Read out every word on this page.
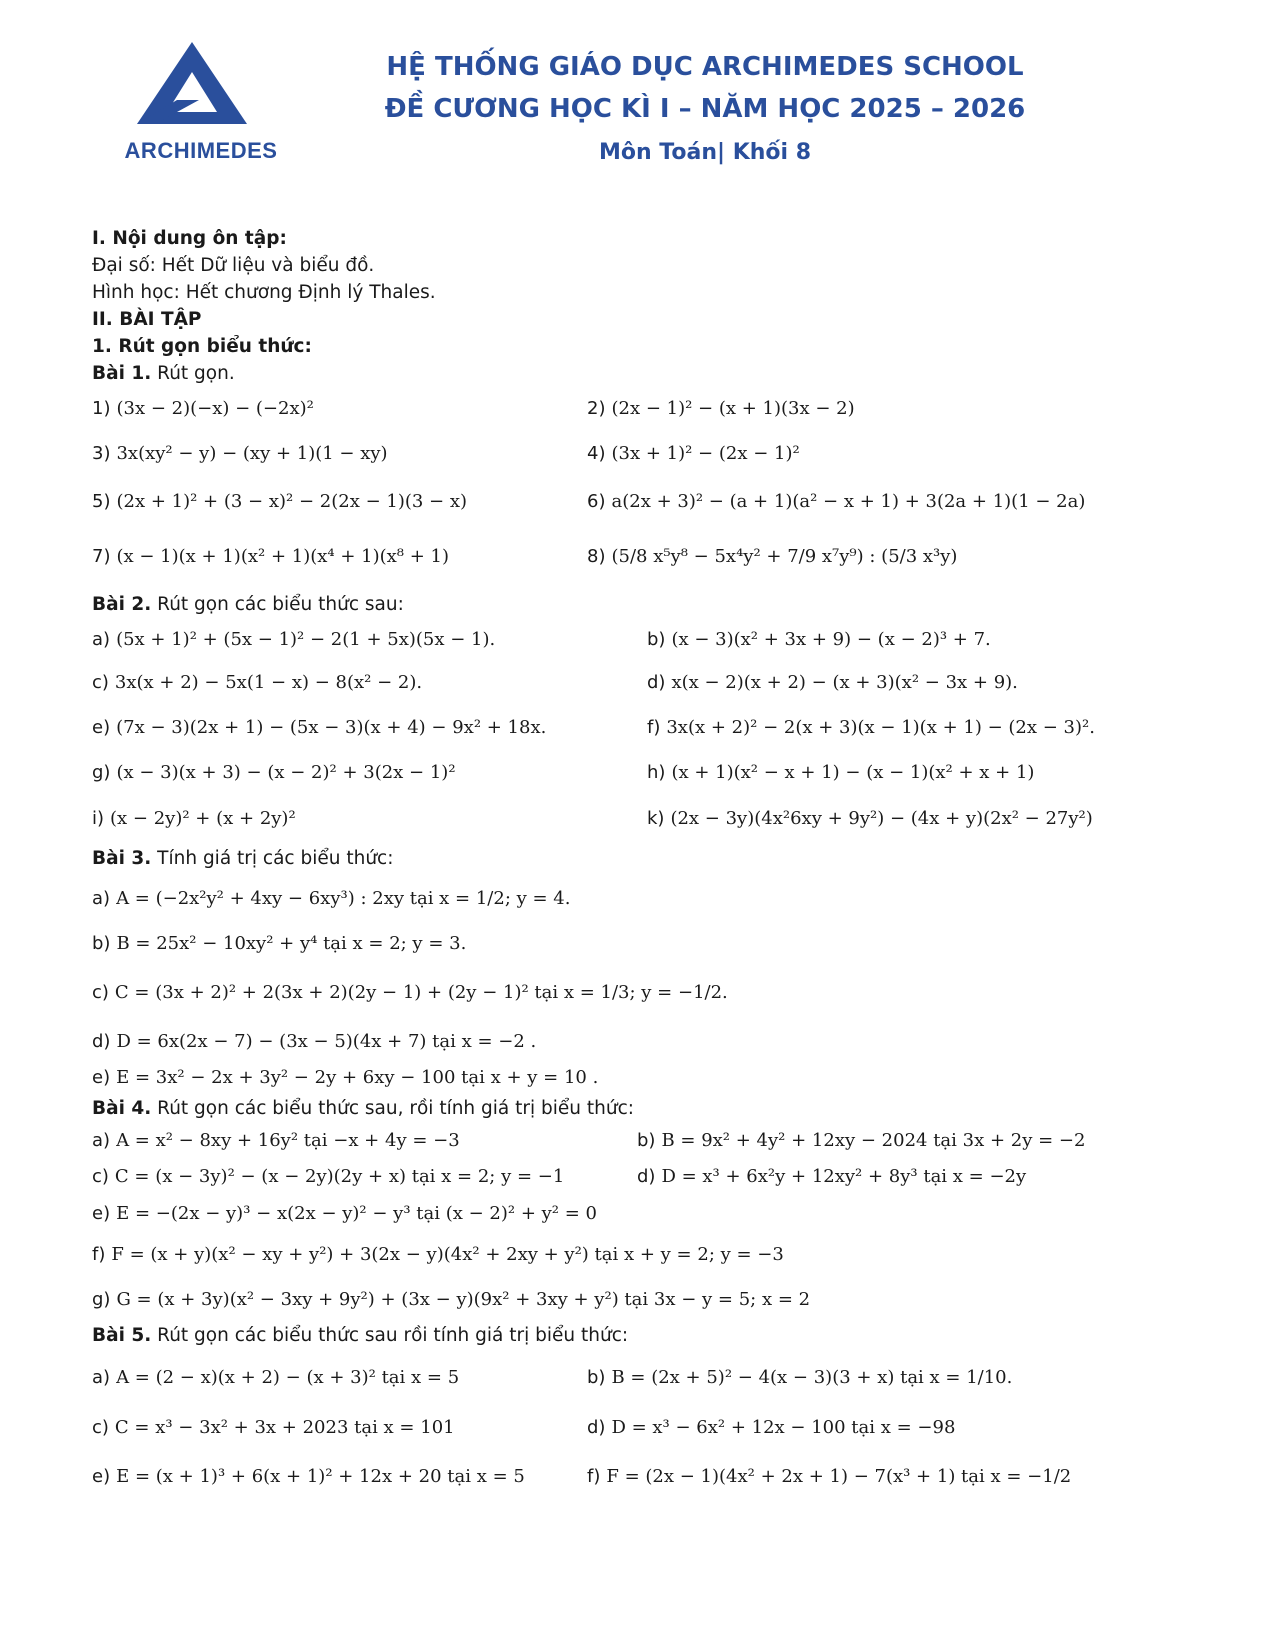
ARCHIMEDES
HỆ THỐNG GIÁO DỤC ARCHIMEDES SCHOOL
ĐỀ CƯƠNG HỌC KÌ I – NĂM HỌC 2025 – 2026
Môn Toán| Khối 8
I. Nội dung ôn tập:
Đại số: Hết Dữ liệu và biểu đồ.
Hình học: Hết chương Định lý Thales.
II. BÀI TẬP
1. Rút gọn biểu thức:
Bài 1. Rút gọn.
1) (3x − 2)(−x) − (−2x)²	2) (2x − 1)² − (x + 1)(3x − 2)
3) 3x(xy² − y) − (xy + 1)(1 − xy)	4) (3x + 1)² − (2x − 1)²
5) (2x + 1)² + (3 − x)² − 2(2x − 1)(3 − x)	6) a(2x + 3)² − (a + 1)(a² − x + 1) + 3(2a + 1)(1 − 2a)
7) (x − 1)(x + 1)(x² + 1)(x⁴ + 1)(x⁸ + 1)	8) (5/8 x⁵y⁸ − 5x⁴y² + 7/9 x⁷y⁹) : (5/3 x³y)
Bài 2. Rút gọn các biểu thức sau:
a) (5x + 1)² + (5x − 1)² − 2(1 + 5x)(5x − 1).	b) (x − 3)(x² + 3x + 9) − (x − 2)³ + 7.
c) 3x(x + 2) − 5x(1 − x) − 8(x² − 2).	d) x(x − 2)(x + 2) − (x + 3)(x² − 3x + 9).
e) (7x − 3)(2x + 1) − (5x − 3)(x + 4) − 9x² + 18x.	f) 3x(x + 2)² − 2(x + 3)(x − 1)(x + 1) − (2x − 3)².
g) (x − 3)(x + 3) − (x − 2)² + 3(2x − 1)²	h) (x + 1)(x² − x + 1) − (x − 1)(x² + x + 1)
i) (x − 2y)² + (x + 2y)²	k) (2x − 3y)(4x²6xy + 9y²) − (4x + y)(2x² − 27y²)
Bài 3. Tính giá trị các biểu thức:
a) A = (−2x²y² + 4xy − 6xy³) : 2xy tại x = 1/2; y = 4.
b) B = 25x² − 10xy² + y⁴ tại x = 2; y = 3.
c) C = (3x + 2)² + 2(3x + 2)(2y − 1) + (2y − 1)² tại x = 1/3; y = −1/2.
d) D = 6x(2x − 7) − (3x − 5)(4x + 7) tại x = −2 .
e) E = 3x² − 2x + 3y² − 2y + 6xy − 100 tại x + y = 10 .
Bài 4. Rút gọn các biểu thức sau, rồi tính giá trị biểu thức:
a) A = x² − 8xy + 16y² tại −x + 4y = −3	b) B = 9x² + 4y² + 12xy − 2024 tại 3x + 2y = −2
c) C = (x − 3y)² − (x − 2y)(2y + x) tại x = 2; y = −1	d) D = x³ + 6x²y + 12xy² + 8y³ tại x = −2y
e) E = −(2x − y)³ − x(2x − y)² − y³ tại (x − 2)² + y² = 0
f) F = (x + y)(x² − xy + y²) + 3(2x − y)(4x² + 2xy + y²) tại x + y = 2; y = −3
g) G = (x + 3y)(x² − 3xy + 9y²) + (3x − y)(9x² + 3xy + y²) tại 3x − y = 5; x = 2
Bài 5. Rút gọn các biểu thức sau rồi tính giá trị biểu thức:
a) A = (2 − x)(x + 2) − (x + 3)² tại x = 5	b) B = (2x + 5)² − 4(x − 3)(3 + x) tại x = 1/10.
c) C = x³ − 3x² + 3x + 2023 tại x = 101	d) D = x³ − 6x² + 12x − 100 tại x = −98
e) E = (x + 1)³ + 6(x + 1)² + 12x + 20 tại x = 5	f) F = (2x − 1)(4x² + 2x + 1) − 7(x³ + 1) tại x = −1/2
